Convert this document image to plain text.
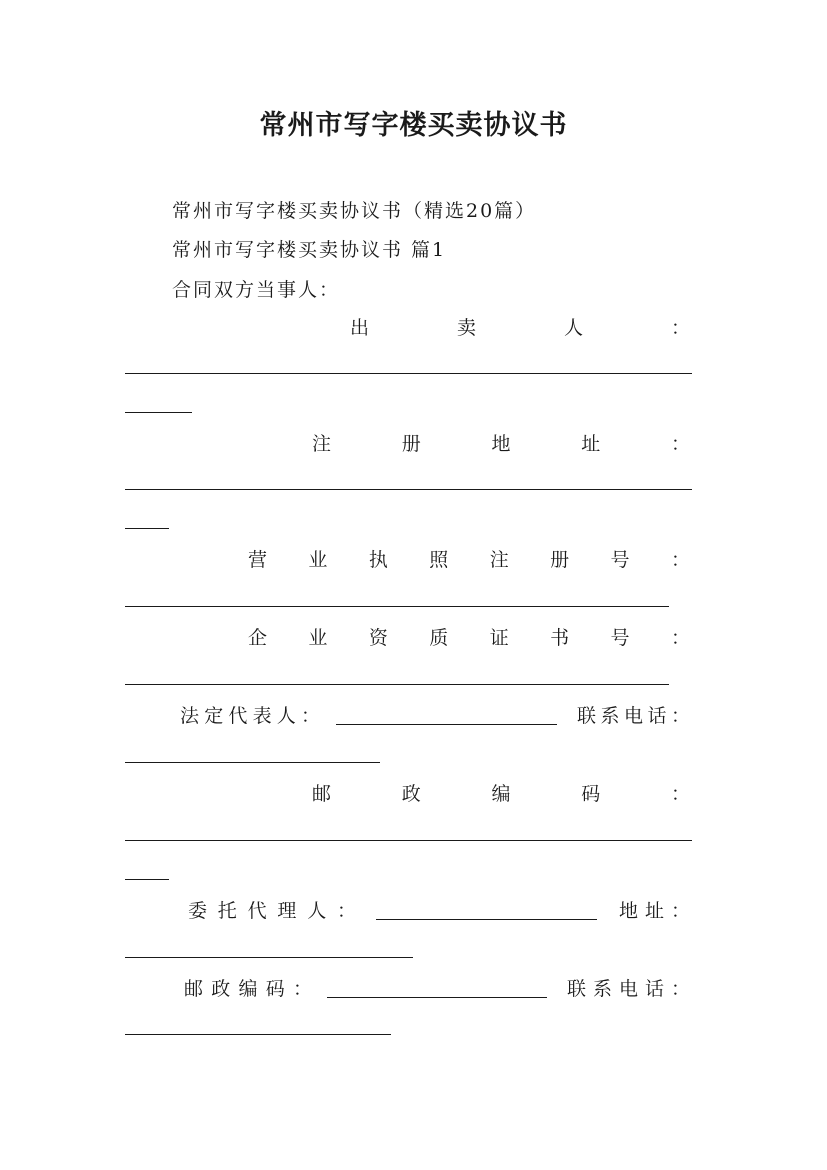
常州市写字楼买卖协议书
常州市写字楼买卖协议书（精选20篇）
常州市写字楼买卖协议书 篇1
合同双方当事人：
出	卖	人	：
注	册	地	址	：
营 业 执 照 注 册 号 ：
企 业 资 质 证 书 号 ：
法 定 代 表 人 ：	联 系 电 话 ：
邮	政	编	码	：
委 托 代 理 人 ：	地 址 ：
邮 政 编 码 ：	联 系 电 话 ：
